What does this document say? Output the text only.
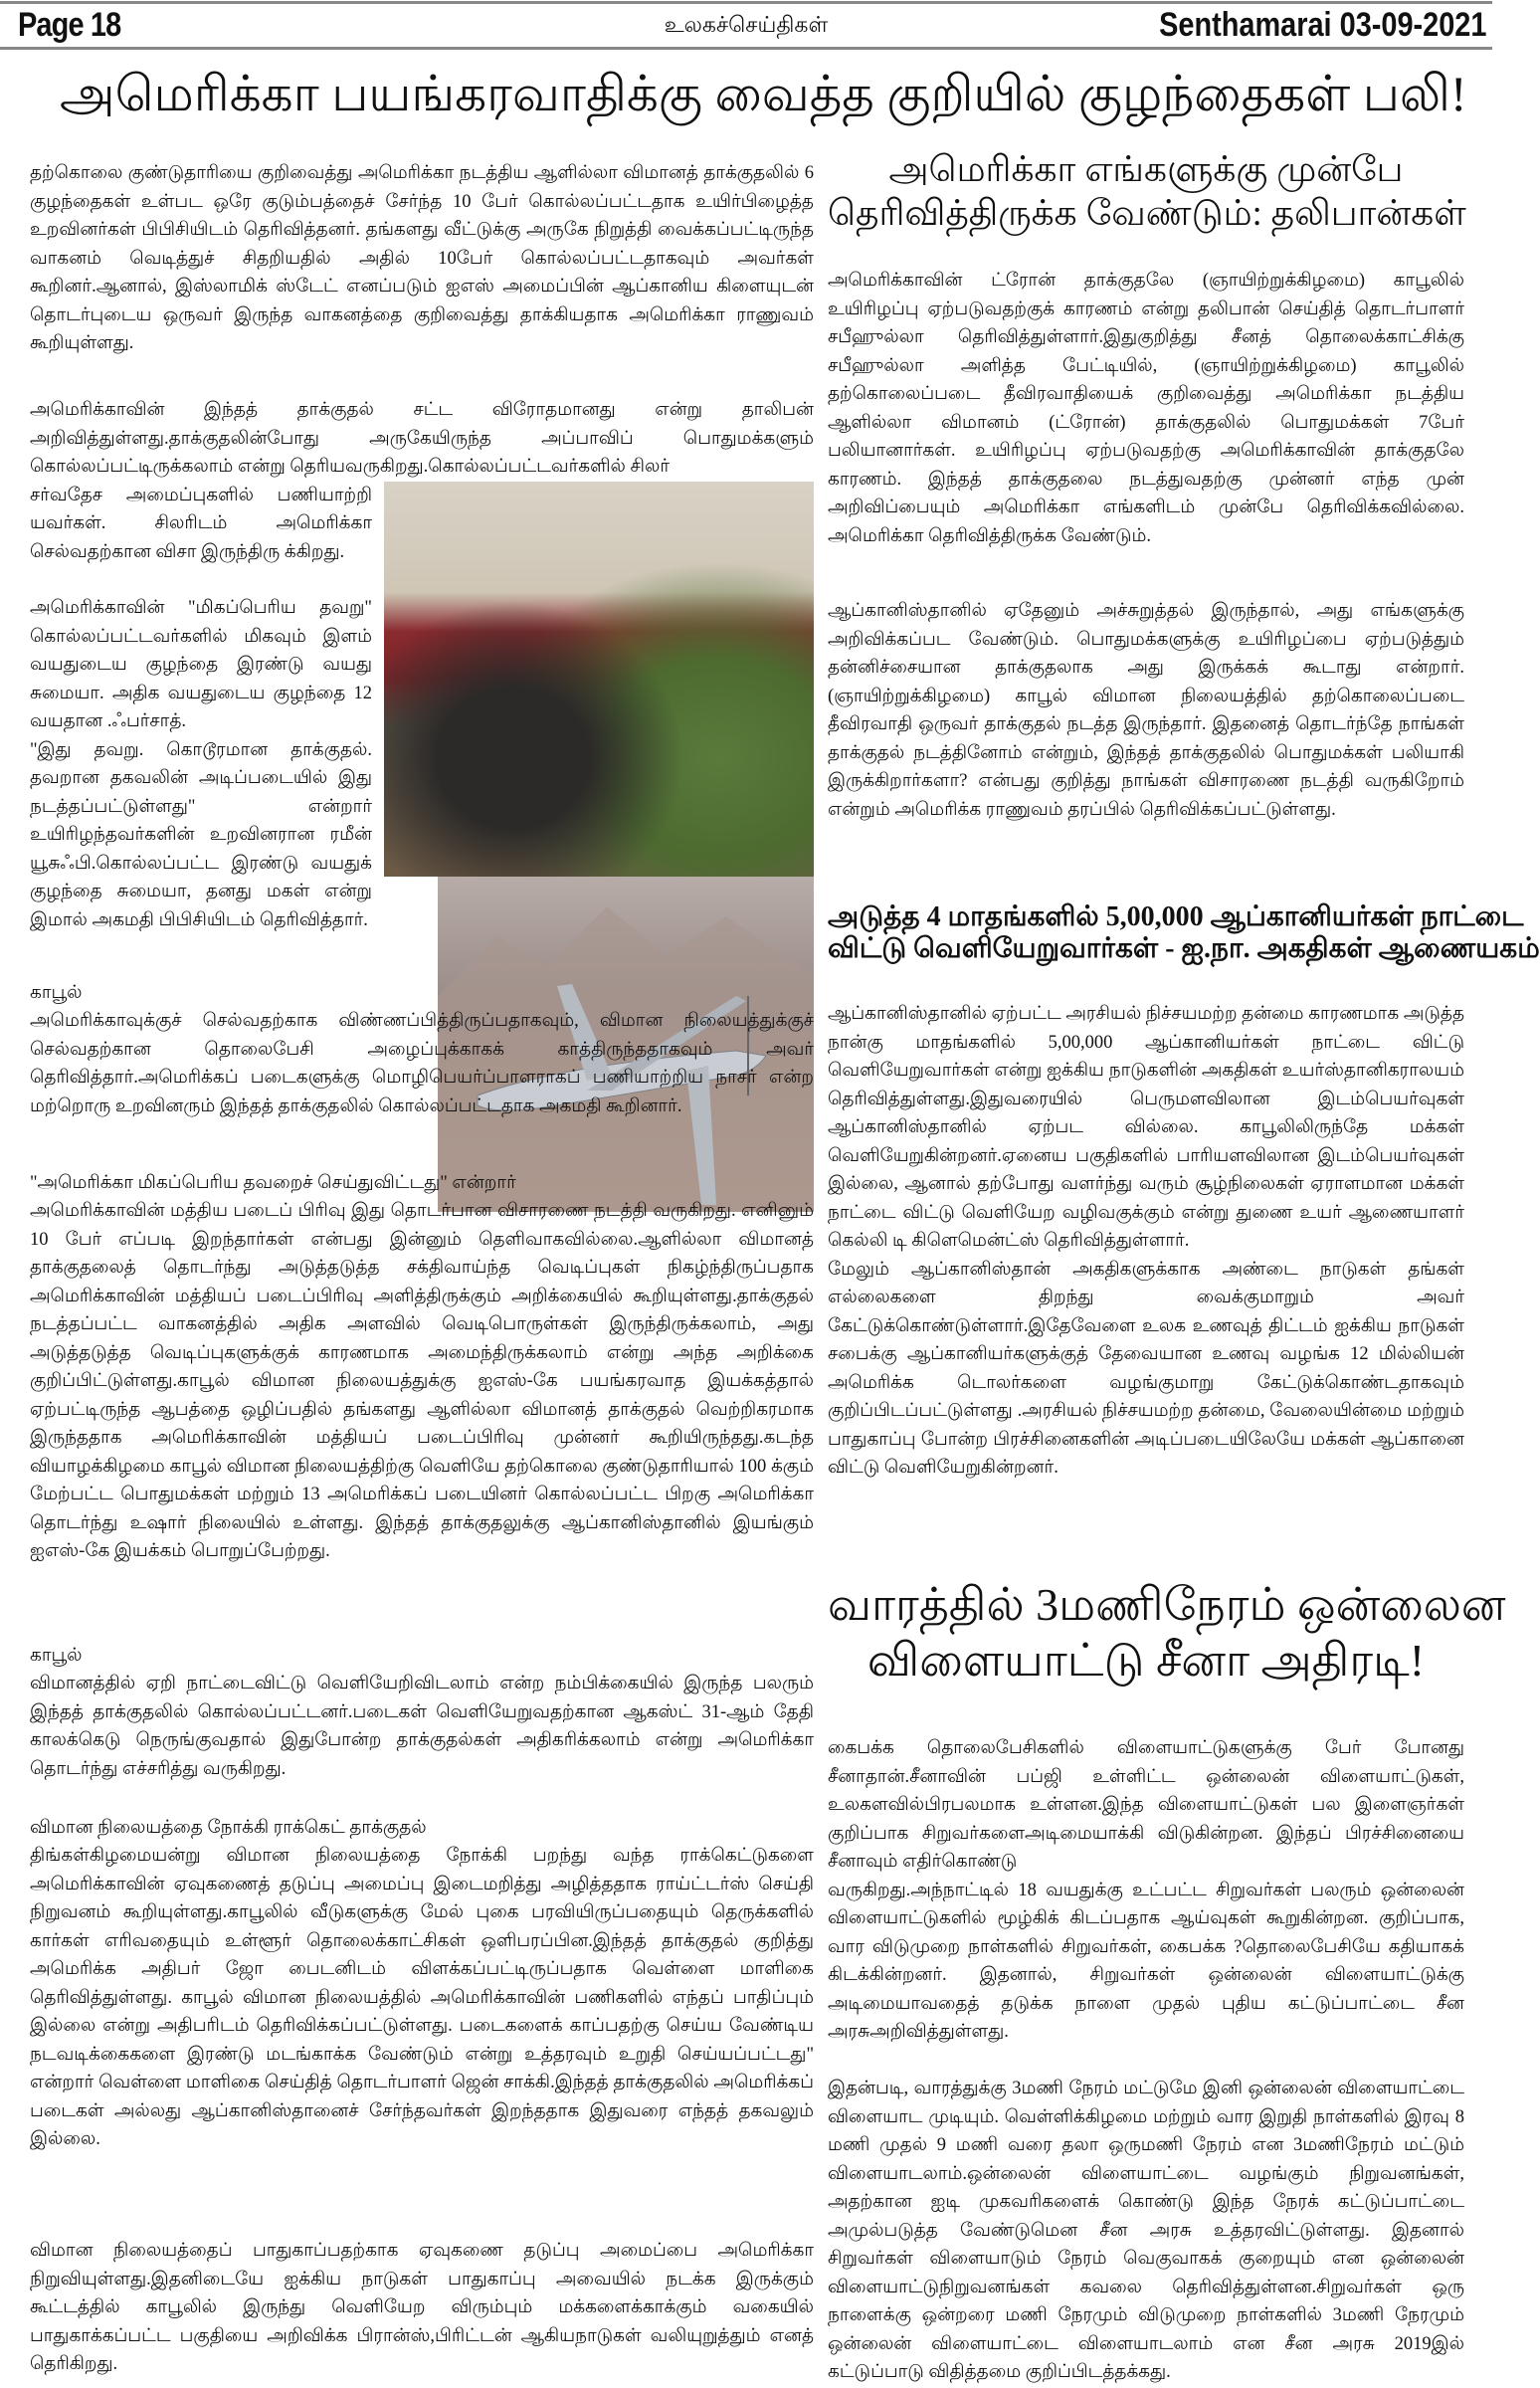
Page 18	உலகச்செய்திகள்	Senthamarai 03-09-2021
அமெரிக்கா பயங்கரவாதிக்கு வைத்த குறியில் குழந்தைகள் பலி!
தற்கொலை குண்டுதாரியை குறிவைத்து அமெரிக்கா நடத்திய ஆளில்லா விமானத் தாக்குதலில் 6 குழந்தைகள் உள்பட ஒரே குடும்பத்தைச் சேர்ந்த 10 பேர் கொல்லப்பட்டதாக உயிர்பிழைத்த உறவினர்கள் பிபிசியிடம் தெரிவித்தனர். தங்களது வீட்டுக்கு அருகே நிறுத்தி வைக்கப்பட்டிருந்த வாகனம் வெடித்துச் சிதறியதில் அதில் 10பேர் கொல்லப்பட்டதாகவும் அவர்கள் கூறினர்.ஆனால், இஸ்லாமிக் ஸ்டேட் எனப்படும் ஐஎஸ் அமைப்பின் ஆப்கானிய கிளையுடன் தொடர்புடைய ஒருவர் இருந்த வாகனத்தை குறிவைத்து தாக்கியதாக அமெரிக்கா ராணுவம் கூறியுள்ளது.
அமெரிக்காவின் இந்தத் தாக்குதல் சட்ட விரோதமானது என்று தாலிபன் அறிவித்துள்ளது.தாக்குதலின்போது அருகேயிருந்த அப்பாவிப் பொதுமக்களும் கொல்லப்பட்டிருக்கலாம் என்று தெரியவருகிறது.கொல்லப்பட்டவர்களில் சிலர்
சர்வதேச அமைப்புகளில் பணியாற்றி யவர்கள். சிலரிடம் அமெரிக்கா செல்வதற்கான விசா இருந்திரு க்கிறது.
அமெரிக்காவின் "மிகப்பெரிய தவறு" கொல்லப்பட்டவர்களில் மிகவும் இளம் வயதுடைய குழந்தை இரண்டு வயது சுமையா. அதிக வயதுடைய குழந்தை 12 வயதான .ஃபர்சாத்.
"இது தவறு. கொடூரமான தாக்குதல். தவறான தகவலின் அடிப்படையில் இது நடத்தப்பட்டுள்ளது" என்றார் உயிரிழந்தவர்களின் உறவினரான ரமீன் யூசுஃபி.கொல்லப்பட்ட இரண்டு வயதுக் குழந்தை சுமையா, தனது மகள் என்று இமால் அகமதி பிபிசியிடம் தெரிவித்தார்.
காபூல்
அமெரிக்காவுக்குச் செல்வதற்காக விண்ணப்பித்திருப்பதாகவும், விமான நிலையத்துக்குச் செல்வதற்கான தொலைபேசி அழைப்புக்காகக் காத்திருந்ததாகவும் அவர் தெரிவித்தார்.அமெரிக்கப் படைகளுக்கு மொழிபெயர்ப்பாளராகப் பணியாற்றிய நாசர் என்ற மற்றொரு உறவினரும் இந்தத் தாக்குதலில் கொல்லப்பட்டதாக அகமதி கூறினார்.
"அமெரிக்கா மிகப்பெரிய தவறைச் செய்துவிட்டது" என்றார்
அமெரிக்காவின் மத்திய படைப் பிரிவு இது தொடர்பான விசாரணை நடத்தி வருகிறது. எனினும் 10 பேர் எப்படி இறந்தார்கள் என்பது இன்னும் தெளிவாகவில்லை.ஆளில்லா விமானத் தாக்குதலைத் தொடர்ந்து அடுத்தடுத்த சக்திவாய்ந்த வெடிப்புகள் நிகழ்ந்திருப்பதாக அமெரிக்காவின் மத்தியப் படைப்பிரிவு அளித்திருக்கும் அறிக்கையில் கூறியுள்ளது.தாக்குதல் நடத்தப்பட்ட வாகனத்தில் அதிக அளவில் வெடிபொருள்கள் இருந்திருக்கலாம், அது அடுத்தடுத்த வெடிப்புகளுக்குக் காரணமாக அமைந்திருக்கலாம் என்று அந்த அறிக்கை குறிப்பிட்டுள்ளது.காபூல் விமான நிலையத்துக்கு ஐஎஸ்-கே பயங்கரவாத இயக்கத்தால் ஏற்பட்டிருந்த ஆபத்தை ஒழிப்பதில் தங்களது ஆளில்லா விமானத் தாக்குதல் வெற்றிகரமாக இருந்ததாக அமெரிக்காவின் மத்தியப் படைப்பிரிவு முன்னர் கூறியிருந்தது.கடந்த வியாழக்கிழமை காபூல் விமான நிலையத்திற்கு வெளியே தற்கொலை குண்டுதாரியால் 100 க்கும் மேற்பட்ட பொதுமக்கள் மற்றும் 13 அமெரிக்கப் படையினர் கொல்லப்பட்ட பிறகு அமெரிக்கா தொடர்ந்து உஷார் நிலையில் உள்ளது. இந்தத் தாக்குதலுக்கு ஆப்கானிஸ்தானில் இயங்கும் ஐஎஸ்-கே இயக்கம் பொறுப்பேற்றது.
காபூல்
விமானத்தில் ஏறி நாட்டைவிட்டு வெளியேறிவிடலாம் என்ற நம்பிக்கையில் இருந்த பலரும் இந்தத் தாக்குதலில் கொல்லப்பட்டனர்.படைகள் வெளியேறுவதற்கான ஆகஸ்ட் 31-ஆம் தேதி காலக்கெடு நெருங்குவதால் இதுபோன்ற தாக்குதல்கள் அதிகரிக்கலாம் என்று அமெரிக்கா தொடர்ந்து எச்சரித்து வருகிறது.
விமான நிலையத்தை நோக்கி ராக்கெட் தாக்குதல்
திங்கள்கிழமையன்று விமான நிலையத்தை நோக்கி பறந்து வந்த ராக்கெட்டுகளை அமெரிக்காவின் ஏவுகணைத் தடுப்பு அமைப்பு இடைமறித்து அழித்ததாக ராய்ட்டர்ஸ் செய்தி நிறுவனம் கூறியுள்ளது.காபூலில் வீடுகளுக்கு மேல் புகை பரவியிருப்பதையும் தெருக்களில் கார்கள் எரிவதையும் உள்ளூர் தொலைக்காட்சிகள் ஒளிபரப்பின.இந்தத் தாக்குதல் குறித்து அமெரிக்க அதிபர் ஜோ பைடனிடம் விளக்கப்பட்டிருப்பதாக வெள்ளை மாளிகை தெரிவித்துள்ளது. காபூல் விமான நிலையத்தில் அமெரிக்காவின் பணிகளில் எந்தப் பாதிப்பும் இல்லை என்று அதிபரிடம் தெரிவிக்கப்பட்டுள்ளது. படைகளைக் காப்பதற்கு செய்ய வேண்டிய நடவடிக்கைகளை இரண்டு மடங்காக்க வேண்டும் என்று உத்தரவும் உறுதி செய்யப்பட்டது" என்றார் வெள்ளை மாளிகை செய்தித் தொடர்பாளர் ஜென் சாக்கி.இந்தத் தாக்குதலில் அமெரிக்கப் படைகள் அல்லது ஆப்கானிஸ்தானைச் சேர்ந்தவர்கள் இறந்ததாக இதுவரை எந்தத் தகவலும் இல்லை.
விமான நிலையத்தைப் பாதுகாப்பதற்காக ஏவுகணை தடுப்பு அமைப்பை அமெரிக்கா நிறுவியுள்ளது.இதனிடையே ஐக்கிய நாடுகள் பாதுகாப்பு அவையில் நடக்க இருக்கும் கூட்டத்தில் காபூலில் இருந்து வெளியேற விரும்பும் மக்களைக்காக்கும் வகையில் பாதுகாக்கப்பட்ட பகுதியை அறிவிக்க பிரான்ஸ்,பிரிட்டன் ஆகியநாடுகள் வலியுறுத்தும் எனத் தெரிகிறது.
அமெரிக்கா எங்களுக்கு முன்பே
தெரிவித்திருக்க வேண்டும்: தலிபான்கள்
அமெரிக்காவின் ட்ரோன் தாக்குதலே (ஞாயிற்றுக்கிழமை) காபூலில் உயிரிழப்பு ஏற்படுவதற்குக் காரணம் என்று தலிபான் செய்தித் தொடர்பாளர் சபீஹுல்லா தெரிவித்துள்ளார்.இதுகுறித்து சீனத் தொலைக்காட்சிக்கு சபீஹுல்லா அளித்த பேட்டியில், (ஞாயிற்றுக்கிழமை) காபூலில் தற்கொலைப்படை தீவிரவாதியைக் குறிவைத்து அமெரிக்கா நடத்திய ஆளில்லா விமானம் (ட்ரோன்) தாக்குதலில் பொதுமக்கள் 7பேர் பலியானார்கள். உயிரிழப்பு ஏற்படுவதற்கு அமெரிக்காவின் தாக்குதலே காரணம். இந்தத் தாக்குதலை நடத்துவதற்கு முன்னர் எந்த முன் அறிவிப்பையும் அமெரிக்கா எங்களிடம் முன்பே தெரிவிக்கவில்லை. அமெரிக்கா தெரிவித்திருக்க வேண்டும்.
ஆப்கானிஸ்தானில் ஏதேனும் அச்சுறுத்தல் இருந்தால், அது எங்களுக்கு அறிவிக்கப்பட வேண்டும். பொதுமக்களுக்கு உயிரிழப்பை ஏற்படுத்தும் தன்னிச்சையான தாக்குதலாக அது இருக்கக் கூடாது என்றார். (ஞாயிற்றுக்கிழமை) காபூல் விமான நிலையத்தில் தற்கொலைப்படை தீவிரவாதி ஒருவர் தாக்குதல் நடத்த இருந்தார். இதனைத் தொடர்ந்தே நாங்கள் தாக்குதல் நடத்தினோம் என்றும், இந்தத் தாக்குதலில் பொதுமக்கள் பலியாகி இருக்கிறார்களா? என்பது குறித்து நாங்கள் விசாரணை நடத்தி வருகிறோம் என்றும் அமெரிக்க ராணுவம் தரப்பில் தெரிவிக்கப்பட்டுள்ளது.
அடுத்த 4 மாதங்களில் 5,00,000 ஆப்கானியர்கள் நாட்டை
விட்டு வெளியேறுவார்கள் - ஐ.நா. அகதிகள் ஆணையகம்
ஆப்கானிஸ்தானில் ஏற்பட்ட அரசியல் நிச்சயமற்ற தன்மை காரணமாக அடுத்த நான்கு மாதங்களில் 5,00,000 ஆப்கானியர்கள் நாட்டை விட்டு வெளியேறுவார்கள் என்று ஐக்கிய நாடுகளின் அகதிகள் உயர்ஸ்தானிகராலயம் தெரிவித்துள்ளது.இதுவரையில் பெருமளவிலான இடம்பெயர்வுகள் ஆப்கானிஸ்தானில் ஏற்பட வில்லை. காபூலிலிருந்தே மக்கள் வெளியேறுகின்றனர்.ஏனைய பகுதிகளில் பாரியளவிலான இடம்பெயர்வுகள் இல்லை, ஆனால் தற்போது வளர்ந்து வரும் சூழ்நிலைகள் ஏராளமான மக்கள் நாட்டை விட்டு வெளியேற வழிவகுக்கும் என்று துணை உயர் ஆணையாளர் கெல்லி டி கிளெமென்ட்ஸ் தெரிவித்துள்ளார்.
மேலும் ஆப்கானிஸ்தான் அகதிகளுக்காக அண்டை நாடுகள் தங்கள் எல்லைகளை திறந்து வைக்குமாறும் அவர் கேட்டுக்கொண்டுள்ளார்.இதேவேளை உலக உணவுத் திட்டம் ஐக்கிய நாடுகள் சபைக்கு ஆப்கானியர்களுக்குத் தேவையான உணவு வழங்க 12 மில்லியன் அமெரிக்க டொலர்களை வழங்குமாறு கேட்டுக்கொண்டதாகவும் குறிப்பிடப்பட்டுள்ளது .அரசியல் நிச்சயமற்ற தன்மை, வேலையின்மை மற்றும் பாதுகாப்பு போன்ற பிரச்சினைகளின் அடிப்படையிலேயே மக்கள் ஆப்கானை விட்டு வெளியேறுகின்றனர்.
வாரத்தில் 3மணிநேரம் ஒன்லைன
விளையாட்டு சீனா அதிரடி!
கைபக்க தொலைபேசிகளில் விளையாட்டுகளுக்கு பேர் போனது சீனாதான்.சீனாவின் பப்ஜி உள்ளிட்ட ஒன்லைன் விளையாட்டுகள், உலகளவில்பிரபலமாக உள்ளன.இந்த விளையாட்டுகள் பல இளைஞர்கள் குறிப்பாக சிறுவர்களைஅடிமையாக்கி விடுகின்றன. இந்தப் பிரச்சினையை சீனாவும் எதிர்கொண்டு
வருகிறது.அந்நாட்டில் 18 வயதுக்கு உட்பட்ட சிறுவர்கள் பலரும் ஒன்லைன் விளையாட்டுகளில் மூழ்கிக் கிடப்பதாக ஆய்வுகள் கூறுகின்றன. குறிப்பாக, வார விடுமுறை நாள்களில் சிறுவர்கள், கைபக்க ?தொலைபேசியே கதியாகக் கிடக்கின்றனர். இதனால், சிறுவர்கள் ஒன்லைன் விளையாட்டுக்கு அடிமையாவதைத் தடுக்க நாளை முதல் புதிய கட்டுப்பாட்டை சீன அரசுஅறிவித்துள்ளது.
இதன்படி, வாரத்துக்கு 3மணி நேரம் மட்டுமே இனி ஒன்லைன் விளையாட்டை விளையாட முடியும். வெள்ளிக்கிழமை மற்றும் வார இறுதி நாள்களில் இரவு 8 மணி முதல் 9 மணி வரை தலா ஒருமணி நேரம் என 3மணிநேரம் மட்டும் விளையாடலாம்.ஒன்லைன் விளையாட்டை வழங்கும் நிறுவனங்கள், அதற்கான ஐடி முகவரிகளைக் கொண்டு இந்த நேரக் கட்டுப்பாட்டை அமுல்படுத்த வேண்டுமென சீன அரசு உத்தரவிட்டுள்ளது. இதனால் சிறுவர்கள் விளையாடும் நேரம் வெகுவாகக் குறையும் என ஒன்லைன் விளையாட்டுநிறுவனங்கள் கவலை தெரிவித்துள்ளன.சிறுவர்கள் ஒரு நாளைக்கு ஒன்றரை மணி நேரமும் விடுமுறை நாள்களில் 3மணி நேரமும் ஒன்லைன் விளையாட்டை விளையாடலாம் என சீன அரசு 2019இல் கட்டுப்பாடு விதித்தமை குறிப்பிடத்தக்கது.
